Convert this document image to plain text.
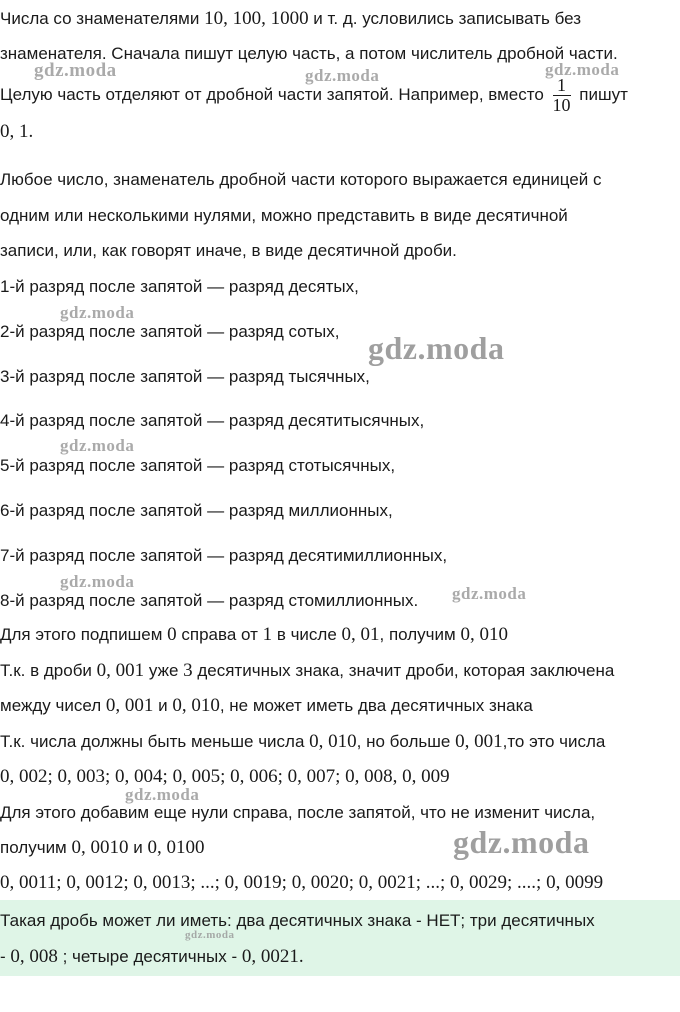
Числа со знаменателями 10, 100, 1000 и т. д. условились записывать без
знаменателя. Сначала пишут целую часть, а потом числитель дробной части.
Целую часть отделяют от дробной части запятой. Например, вместо $\frac{1}{10}$ пишут
0, 1.
Любое число, знаменатель дробной части которого выражается единицей с
одним или несколькими нулями, можно представить в виде десятичной
записи, или, как говорят иначе, в виде десятичной дроби.
1-й разряд после запятой — разряд десятых,
2-й разряд после запятой — разряд сотых,
3-й разряд после запятой — разряд тысячных,
4-й разряд после запятой — разряд десятитысячных,
5-й разряд после запятой — разряд стотысячных,
6-й разряд после запятой — разряд миллионных,
7-й разряд после запятой — разряд десятимиллионных,
8-й разряд после запятой — разряд стомиллионных.
Для этого подпишем 0 справа от 1 в числе 0, 01, получим 0, 010
Т.к. в дроби 0, 001 уже 3 десятичных знака, значит дроби, которая заключена
между чисел 0, 001 и 0, 010, не может иметь два десятичных знака
Т.к. числа должны быть меньше числа 0, 010, но больше 0, 001,то это числа
0, 002; 0, 003; 0, 004; 0, 005; 0, 006; 0, 007; 0, 008, 0, 009
Для этого добавим еще нули справа, после запятой, что не изменит числа,
получим 0, 0010 и 0, 0100
0, 0011; 0, 0012; 0, 0013; ...; 0, 0019; 0, 0020; 0, 0021; ...; 0, 0029; ....; 0, 0099
Такая дробь может ли иметь: два десятичных знака - НЕТ; три десятичных
- 0, 008 ; четыре десятичных - 0, 0021.
gdz.moda	gdz.moda	gdz.moda
gdz.moda
gdz.moda
gdz.moda
gdz.moda
gdz.moda
gdz.moda
gdz.moda
gdz.moda
